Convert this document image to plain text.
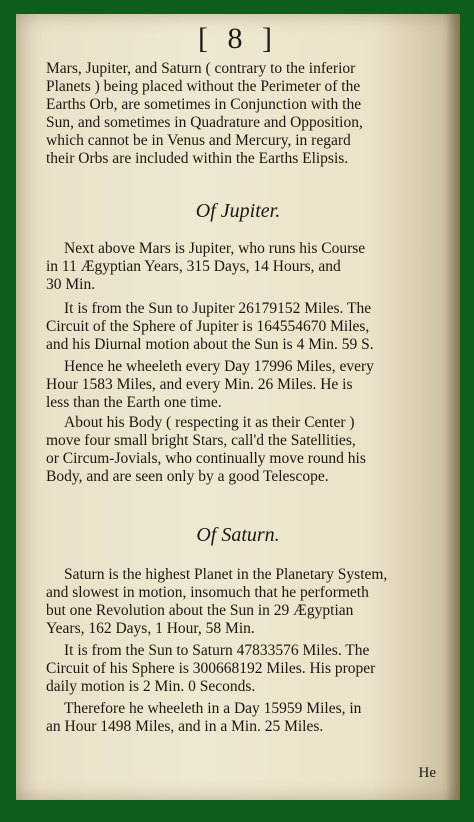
[ 8 ]
Mars, Jupiter, and Saturn ( contrary to the inferior
Planets ) being placed without the Perimeter of the
Earths Orb, are sometimes in Conjunction with the
Sun, and sometimes in Quadrature and Opposition,
which cannot be in Venus and Mercury, in regard
their Orbs are included within the Earths Elipsis.
Of Jupiter.
Next above Mars is Jupiter, who runs his Course
in 11 Ægyptian Years, 315 Days, 14 Hours, and
30 Min.
It is from the Sun to Jupiter 26179152 Miles. The
Circuit of the Sphere of Jupiter is 164554670 Miles,
and his Diurnal motion about the Sun is 4 Min. 59 S.
Hence he wheeleth every Day 17996 Miles, every
Hour 1583 Miles, and every Min. 26 Miles. He is
less than the Earth one time.
About his Body ( respecting it as their Center )
move four small bright Stars, call'd the Satellities,
or Circum-Jovials, who continually move round his
Body, and are seen only by a good Telescope.
Of Saturn.
Saturn is the highest Planet in the Planetary System,
and slowest in motion, insomuch that he performeth
but one Revolution about the Sun in 29 Ægyptian
Years, 162 Days, 1 Hour, 58 Min.
It is from the Sun to Saturn 47833576 Miles. The
Circuit of his Sphere is 300668192 Miles. His proper
daily motion is 2 Min. 0 Seconds.
Therefore he wheeleth in a Day 15959 Miles, in
an Hour 1498 Miles, and in a Min. 25 Miles.
He
